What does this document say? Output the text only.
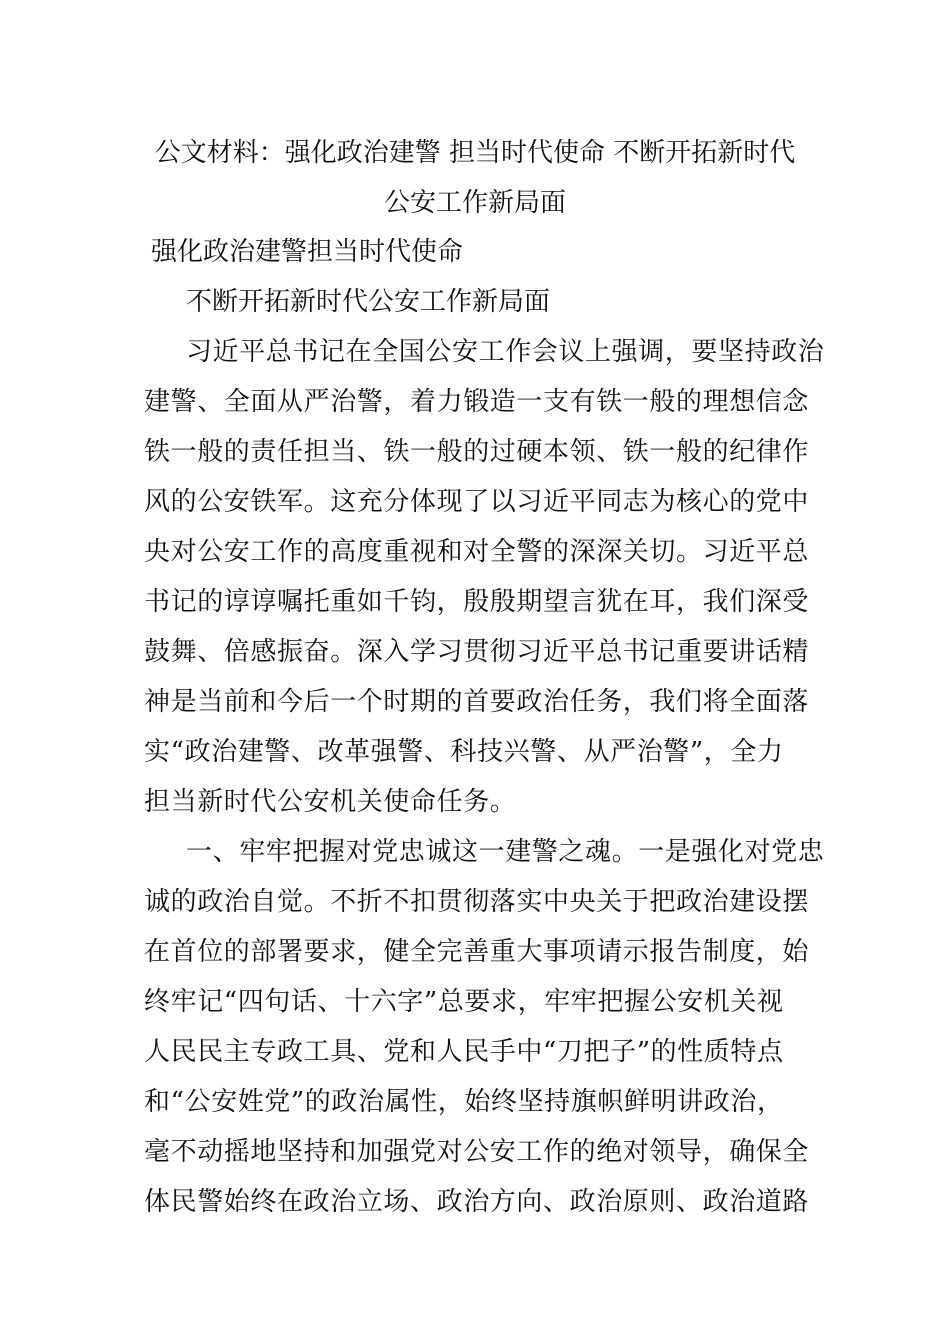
公文材料：强化政治建警 担当时代使命 不断开拓新时代
公安工作新局面
强化政治建警担当时代使命
不断开拓新时代公安工作新局面
习近平总书记在全国公安工作会议上强调，要坚持政治
建警、全面从严治警，着力锻造一支有铁一般的理想信念
铁一般的责任担当、铁一般的过硬本领、铁一般的纪律作
风的公安铁军。这充分体现了以习近平同志为核心的党中
央对公安工作的高度重视和对全警的深深关切。习近平总
书记的谆谆嘱托重如千钧，殷殷期望言犹在耳，我们深受
鼓舞、倍感振奋。深入学习贯彻习近平总书记重要讲话精
神是当前和今后一个时期的首要政治任务，我们将全面落
实“政治建警、改革强警、科技兴警、从严治警”，全力
担当新时代公安机关使命任务。
一、牢牢把握对党忠诚这一建警之魂。一是强化对党忠
诚的政治自觉。不折不扣贯彻落实中央关于把政治建设摆
在首位的部署要求，健全完善重大事项请示报告制度，始
终牢记“四句话、十六字”总要求，牢牢把握公安机关视
人民民主专政工具、党和人民手中“刀把子”的性质特点
和“公安姓党”的政治属性，始终坚持旗帜鲜明讲政治，
毫不动摇地坚持和加强党对公安工作的绝对领导，确保全
体民警始终在政治立场、政治方向、政治原则、政治道路
